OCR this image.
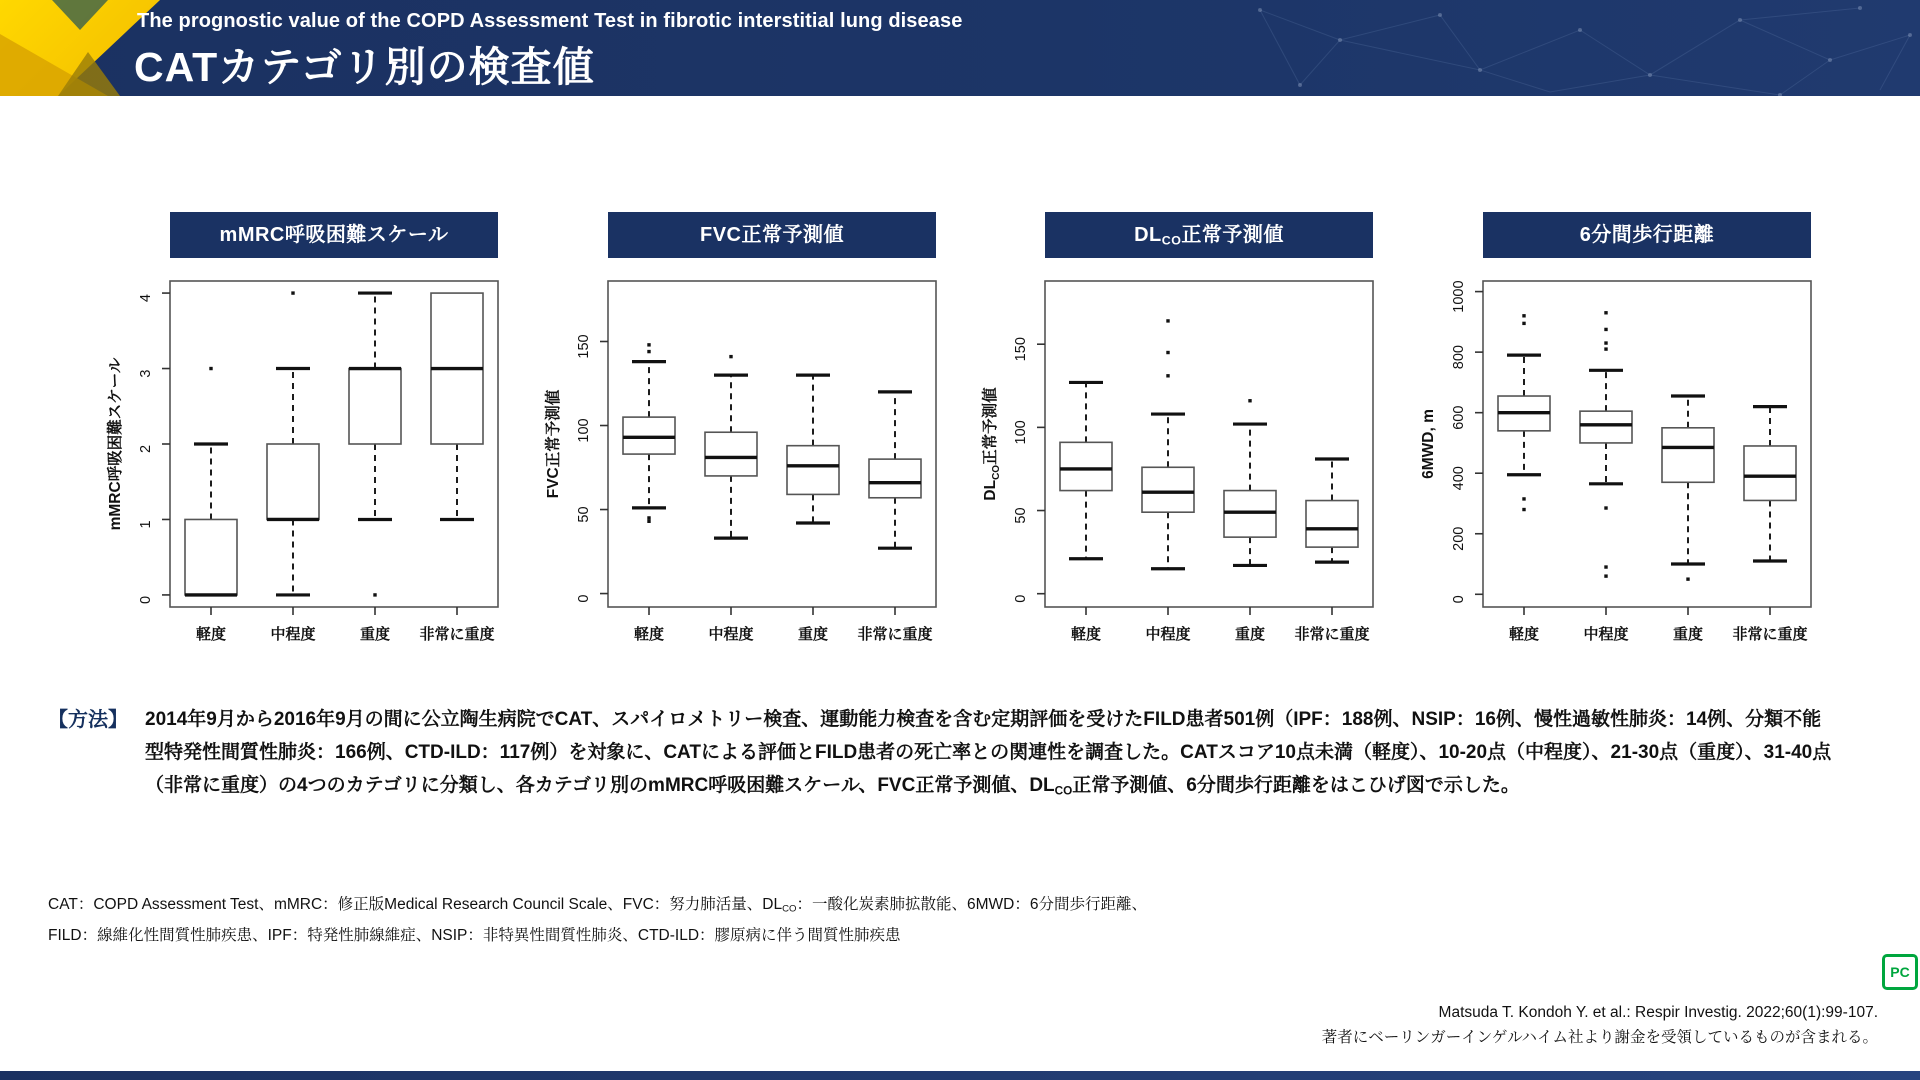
The prognostic value of the COPD Assessment Test in fibrotic interstitial lung disease
CATカテゴリ別の検査値
mMRC呼吸困難スケール	FVC正常予測値	$DL_{CO}$正常予測値	6分間歩行距離
0
1
2
3
4
mMRC呼吸困難スケール
軽度	中程度	重度 非常に重度
0
50
100
150
FVC正常予測値
軽度	中程度	重度 非常に重度
0
50
100
150
$DL_{CO}$正常予測値
軽度	中程度	重度 非常に重度
0
200
400
600
800
1000
6MWD, m
軽度	中程度	重度 非常に重度
【方法】 2014年9月から2016年9月の間に公立陶生病院でCAT、スパイロメトリー検査、運動能力検査を含む定期評価を受けたFILD患者501例（IPF：188例、NSIP：16例、慢性過敏性肺炎：14例、分類不能
型特発性間質性肺炎：166例、CTD-ILD：117例）を対象に、CATによる評価とFILD患者の死亡率との関連性を調査した。CATスコア10点未満（軽度）、10-20点（中程度）、21-30点（重度）、31-40点
（非常に重度）の4つのカテゴリに分類し、各カテゴリ別のmMRC呼吸困難スケール、FVC正常予測値、$DL_{CO}$正常予測値、6分間歩行距離をはこひげ図で示した。
CAT：COPD Assessment Test、mMRC：修正版Medical Research Council Scale、FVC：努力肺活量、$DL_{CO}$：一酸化炭素肺拡散能、6MWD：6分間歩行距離、
FILD：線維化性間質性肺疾患、IPF：特発性肺線維症、NSIP：非特異性間質性肺炎、CTD-ILD：膠原病に伴う間質性肺疾患
Matsuda T. Kondoh Y. et al.: Respir Investig. 2022;60(1):99-107.
著者にベーリンガーインゲルハイム社より謝金を受領しているものが含まれる。
PC
